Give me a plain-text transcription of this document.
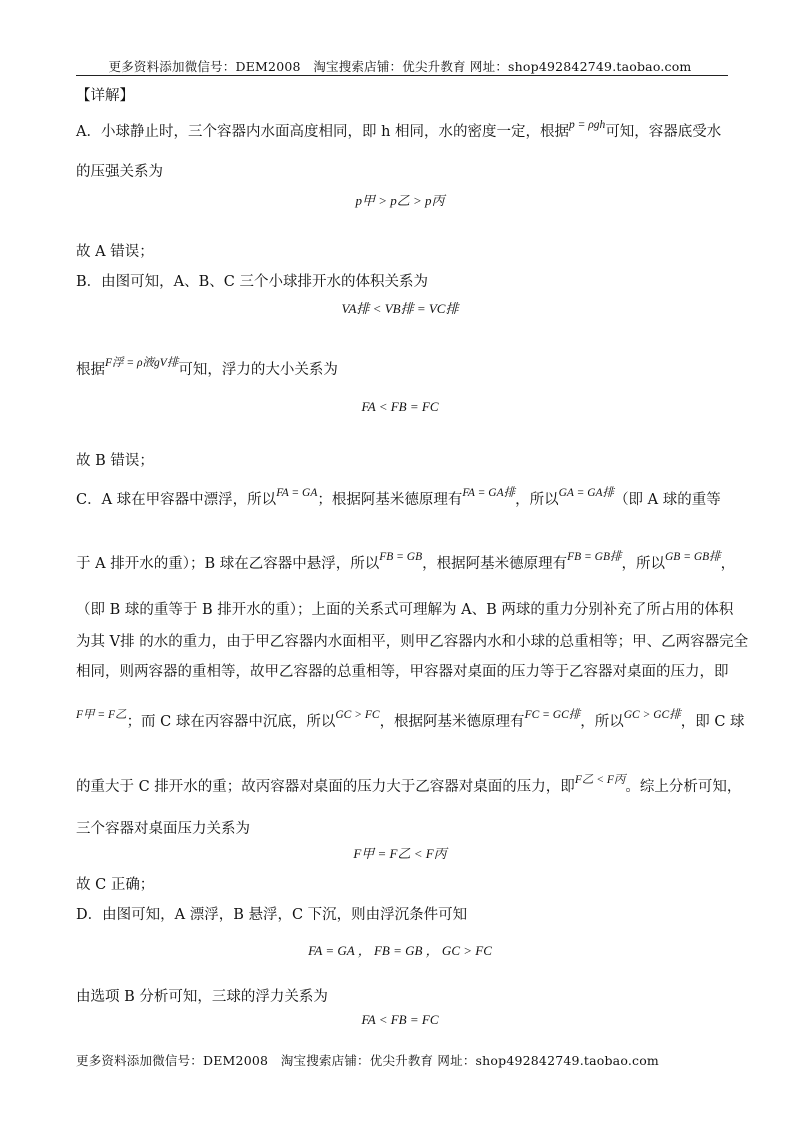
更多资料添加微信号：DEM2008　淘宝搜索店铺：优尖升教育 网址：shop492842749.taobao.com
【详解】
A．小球静止时，三个容器内水面高度相同，即 h 相同，水的密度一定，根据$^{p = \rho gh}$可知，容器底受水
的压强关系为
p甲 > p乙 > p丙
故 A 错误；
B．由图可知，A、B、C 三个小球排开水的体积关系为
VA排 < VB排 = VC排
根据$^{F浮 = \rho 液gV排}$可知，浮力的大小关系为
FA < FB = FC
故 B 错误；
C．A 球在甲容器中漂浮，所以$^{FA = GA}$；根据阿基米德原理有$^{FA = GA排}$，所以$^{GA = GA排}$（即 A 球的重等
于 A 排开水的重）；B 球在乙容器中悬浮，所以$^{FB = GB}$，根据阿基米德原理有$^{FB = GB排}$，所以$^{GB = GB排}$，
（即 B 球的重等于 B 排开水的重）；上面的关系式可理解为 A、B 两球的重力分别补充了所占用的体积
为其 V排 的水的重力，由于甲乙容器内水面相平，则甲乙容器内水和小球的总重相等；甲、乙两容器完全
相同，则两容器的重相等，故甲乙容器的总重相等，甲容器对桌面的压力等于乙容器对桌面的压力，即
$^{F甲 = F乙}$；而 C 球在丙容器中沉底，所以$^{GC > FC}$，根据阿基米德原理有$^{FC = GC排}$，所以$^{GC > GC排}$，即 C 球
的重大于 C 排开水的重；故丙容器对桌面的压力大于乙容器对桌面的压力，即$^{F乙 < F丙}$。综上分析可知，
三个容器对桌面压力关系为
F甲 = F乙 < F丙
故 C 正确；
D．由图可知，A 漂浮，B 悬浮，C 下沉，则由浮沉条件可知
FA = GA ， FB = GB ， GC > FC
由选项 B 分析可知，三球的浮力关系为
FA < FB = FC
更多资料添加微信号：DEM2008　淘宝搜索店铺：优尖升教育 网址：shop492842749.taobao.com
